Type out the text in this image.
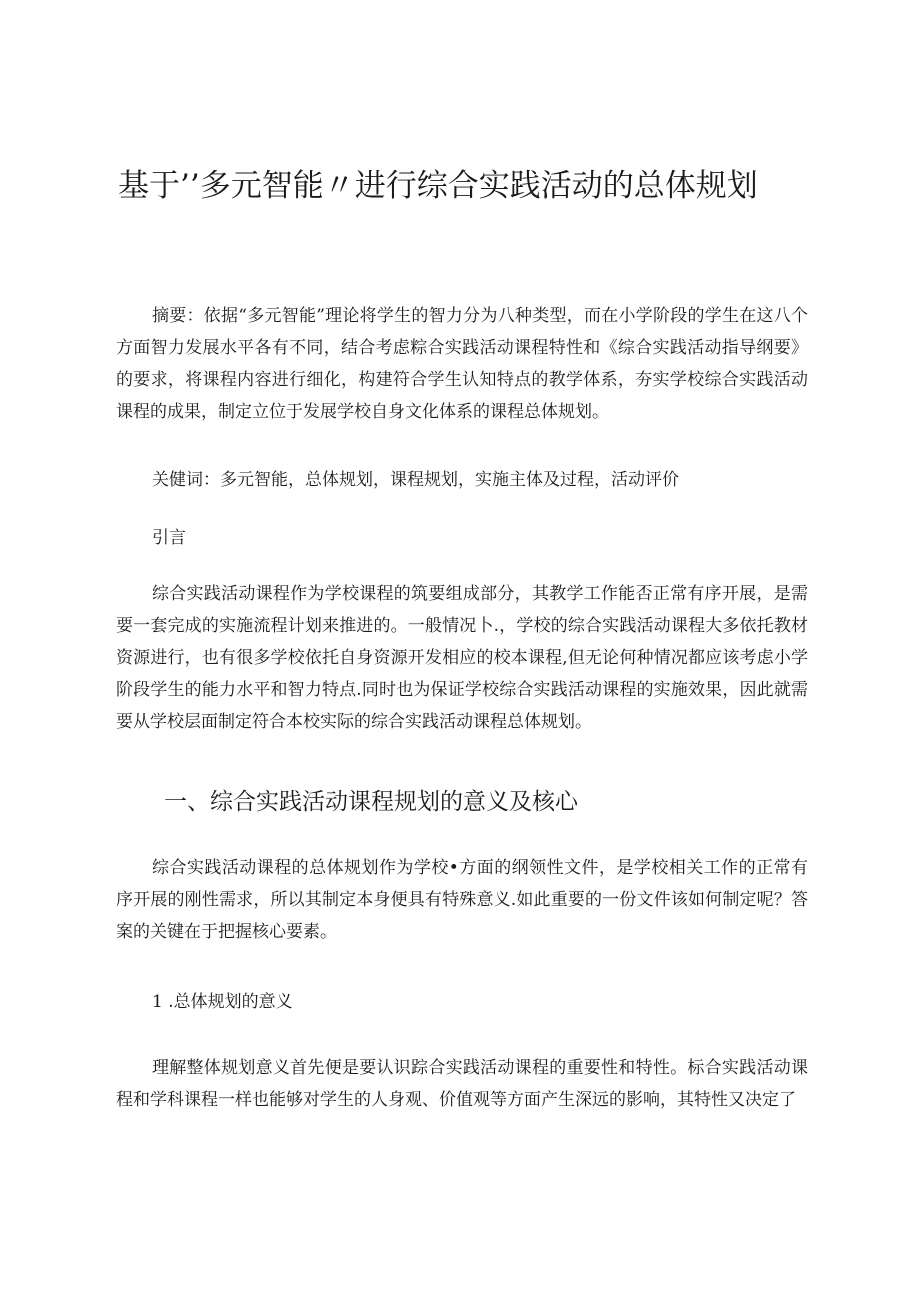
基于’’多元智能〃进行综合实践活动的总体规划

摘要：依据“多元智能”理论将学生的智力分为八种类型，而在小学阶段的学生在这八个方面智力发展水平各有不同，结合考虑粽合实践活动课程特性和《综合实践活动指导纲要》的要求，将课程内容进行细化，构建符合学生认知特点的教学体系，夯实学校综合实践活动课程的成果，制定立位于发展学校自身文化体系的课程总体规划。

关健词：多元智能，总体规划，课程规划，实施主体及过程，活动评价

引言

综合实践活动课程作为学校课程的筑要组成部分，其教学工作能否正常有序开展，是需要一套完成的实施流程计划来推进的。一般情况卜.，学校的综合实践活动课程大多依托教材资源进行，也有很多学校依托自身资源开发相应的校本课程,但无论何种情况都应该考虑小学阶段学生的能力水平和智力特点.同时也为保证学校综合实践活动课程的实施效果，因此就需要从学校层面制定符合本校实际的综合实践活动课程总体规划。

一、综合实践活动课程规划的意义及核心

综合实践活动课程的总体规划作为学校•方面的纲领性文件，是学校相关工作的正常有序开展的刚性需求，所以其制定本身便具有特殊意义.如此重要的一份文件该如何制定呢？答案的关键在于把握核心要素。

1 .总体规划的意义

理解整体规划意义首先便是要认识踪合实践活动课程的重要性和特性。标合实践活动课程和学科课程一样也能够对学生的人身观、价值观等方面产生深远的影响，其特性又决定了
